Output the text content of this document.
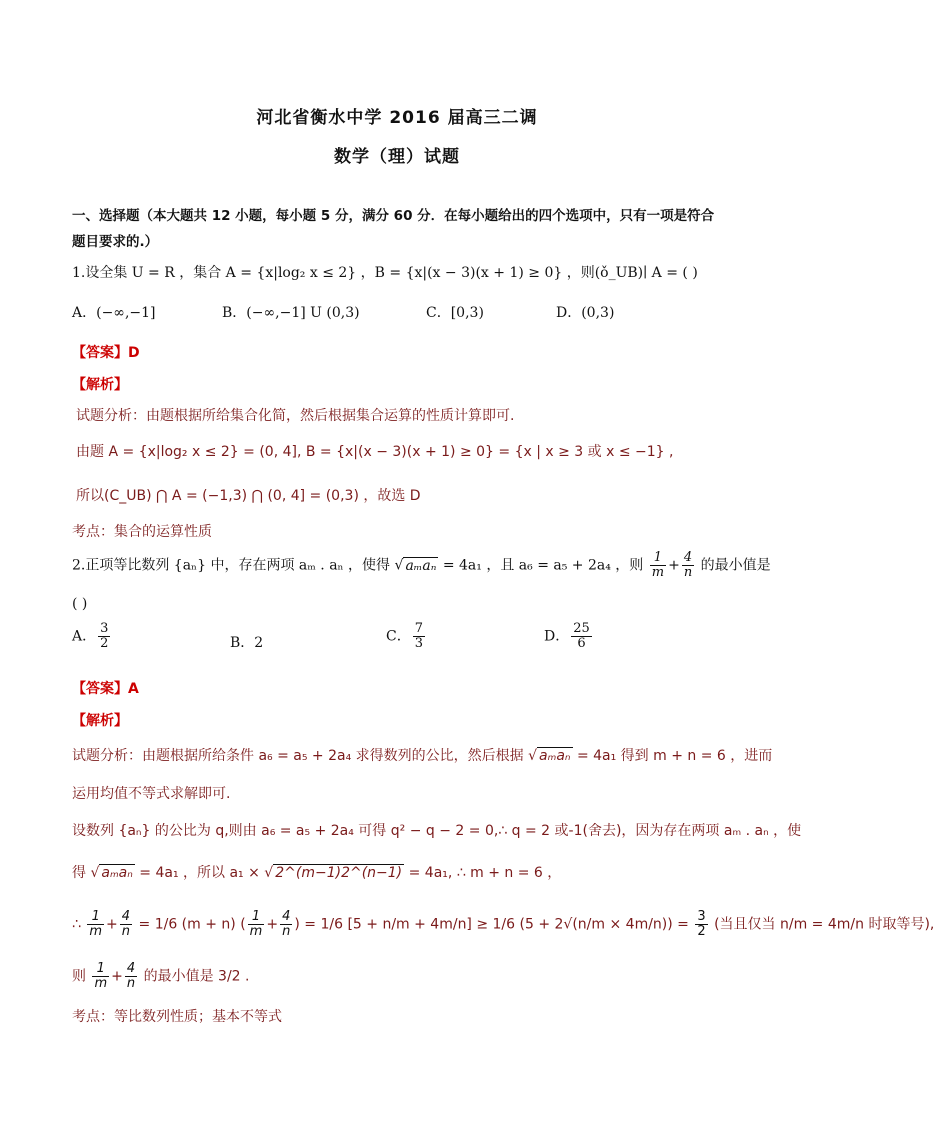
河北省衡水中学 2016 届高三二调
数学（理）试题
一、选择题（本大题共 12 小题，每小题 5 分，满分 60 分．在每小题给出的四个选项中，只有一项是符合
题目要求的.）
1.设全集 U = R ，集合 A = {x|log₂ x ≤ 2} ，B = {x|(x − 3)(x + 1) ≥ 0} ，则(ǒ_UB)∣ A = ( )
A．(−∞,−1]	B．(−∞,−1] U (0,3)	C．[0,3)	D．(0,3)
【答案】D
【解析】
试题分析：由题根据所给集合化简，然后根据集合运算的性质计算即可.
由题 A = {x|log₂ x ≤ 2} = (0, 4], B = {x|(x − 3)(x + 1) ≥ 0} = {x | x ≥ 3 或 x ≤ −1} ,
所以(C_UB) ⋂ A = (−1,3) ⋂ (0, 4] = (0,3) ，故选 D
考点：集合的运算性质
2.正项等比数列 {aₙ} 中，存在两项 aₘ . aₙ ，使得 √ aₘaₙ = 4a₁ ，且 a₆ = a₅ + 2a₄ ，则 $\frac{1}{m} + \frac{4}{n}$ 的最小值是
( )
A． $\frac{3}{2}$	B．2	C． $\frac{7}{3}$	D． $\frac{25}{6}$
【答案】A
【解析】
试题分析：由题根据所给条件 a₆ = a₅ + 2a₄ 求得数列的公比，然后根据 √ aₘaₙ = 4a₁ 得到 m + n = 6 ，进而
运用均值不等式求解即可.
设数列 {aₙ} 的公比为 q,则由 a₆ = a₅ + 2a₄ 可得 q² − q − 2 = 0,∴ q = 2 或-1(舍去)，因为存在两项 aₘ . aₙ ，使
得 √ aₘaₙ = 4a₁ ，所以 a₁ × √ 2^(m−1)2^(n−1) = 4a₁, ∴ m + n = 6 ，
∴ $\frac{1}{m} + \frac{4}{n} = 1/6$ (m + n) ( $\frac{1}{m} + \frac{4}{n}$ ) = 1/6 [5 + n/m + 4m/n] ≥ 1/6 $(5 + 2√(n/m \times 4m/n)) = \frac{3}{2}$ (当且仅当 n/m = 4m/n 时取等号),
则 $\frac{1}{m} + \frac{4}{n}$ 的最小值是 3/2 .
考点：等比数列性质；基本不等式
